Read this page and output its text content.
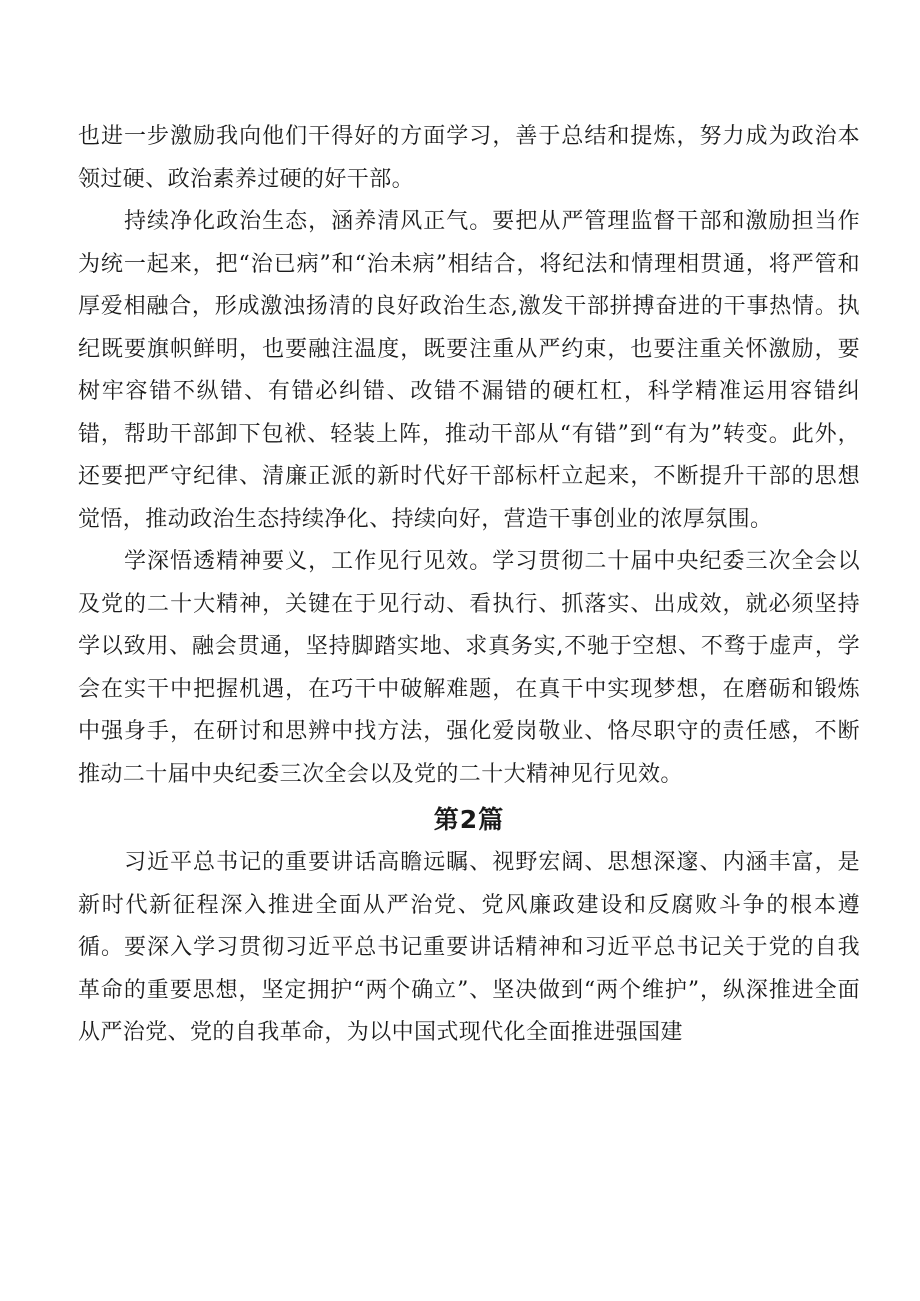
也进一步激励我向他们干得好的方面学习，善于总结和提炼，努力成为政治本领过硬、政治素养过硬的好干部。

持续净化政治生态，涵养清风正气。要把从严管理监督干部和激励担当作为统一起来，把“治已病”和“治未病”相结合，将纪法和情理相贯通，将严管和厚爱相融合，形成激浊扬清的良好政治生态,激发干部拼搏奋进的干事热情。执纪既要旗帜鲜明，也要融注温度，既要注重从严约束，也要注重关怀激励，要树牢容错不纵错、有错必纠错、改错不漏错的硬杠杠，科学精准运用容错纠错，帮助干部卸下包袱、轻装上阵，推动干部从“有错”到“有为”转变。此外，还要把严守纪律、清廉正派的新时代好干部标杆立起来，不断提升干部的思想觉悟，推动政治生态持续净化、持续向好，营造干事创业的浓厚氛围。

学深悟透精神要义，工作见行见效。学习贯彻二十届中央纪委三次全会以及党的二十大精神，关键在于见行动、看执行、抓落实、出成效，就必须坚持学以致用、融会贯通，坚持脚踏实地、求真务实,不驰于空想、不骛于虚声，学会在实干中把握机遇，在巧干中破解难题，在真干中实现梦想，在磨砺和锻炼中强身手，在研讨和思辨中找方法，强化爱岗敬业、恪尽职守的责任感，不断推动二十届中央纪委三次全会以及党的二十大精神见行见效。

第2篇

习近平总书记的重要讲话高瞻远瞩、视野宏阔、思想深邃、内涵丰富，是新时代新征程深入推进全面从严治党、党风廉政建设和反腐败斗争的根本遵循。要深入学习贯彻习近平总书记重要讲话精神和习近平总书记关于党的自我革命的重要思想，坚定拥护“两个确立”、坚决做到“两个维护”，纵深推进全面从严治党、党的自我革命，为以中国式现代化全面推进强国建
